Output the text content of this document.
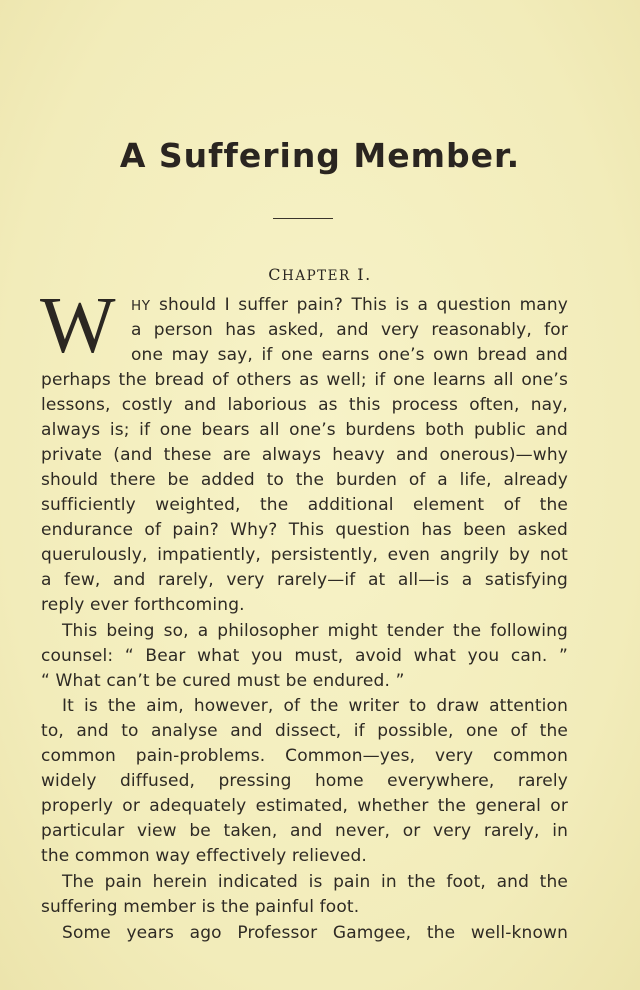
A Suffering Member.

CHAPTER I.

W HY should I suffer pain? This is a question many
a person has asked, and very reasonably, for
one may say, if one earns one’s own bread and
perhaps the bread of others as well; if one learns all one’s
lessons, costly and laborious as this process often, nay,
always is; if one bears all one’s burdens both public and
private (and these are always heavy and onerous)—why
should there be added to the burden of a life, already
sufficiently weighted, the additional element of the
endurance of pain? Why? This question has been asked
querulously, impatiently, persistently, even angrily by not
a few, and rarely, very rarely—if at all—is a satisfying
reply ever forthcoming.
This being so, a philosopher might tender the following
counsel: “ Bear what you must, avoid what you can. ”
“ What can’t be cured must be endured. ”
It is the aim, however, of the writer to draw attention
to, and to analyse and dissect, if possible, one of the
common pain-problems. Common—yes, very common
widely diffused, pressing home everywhere, rarely
properly or adequately estimated, whether the general or
particular view be taken, and never, or very rarely, in
the common way effectively relieved.
The pain herein indicated is pain in the foot, and the
suffering member is the painful foot.
Some years ago Professor Gamgee, the well-known
